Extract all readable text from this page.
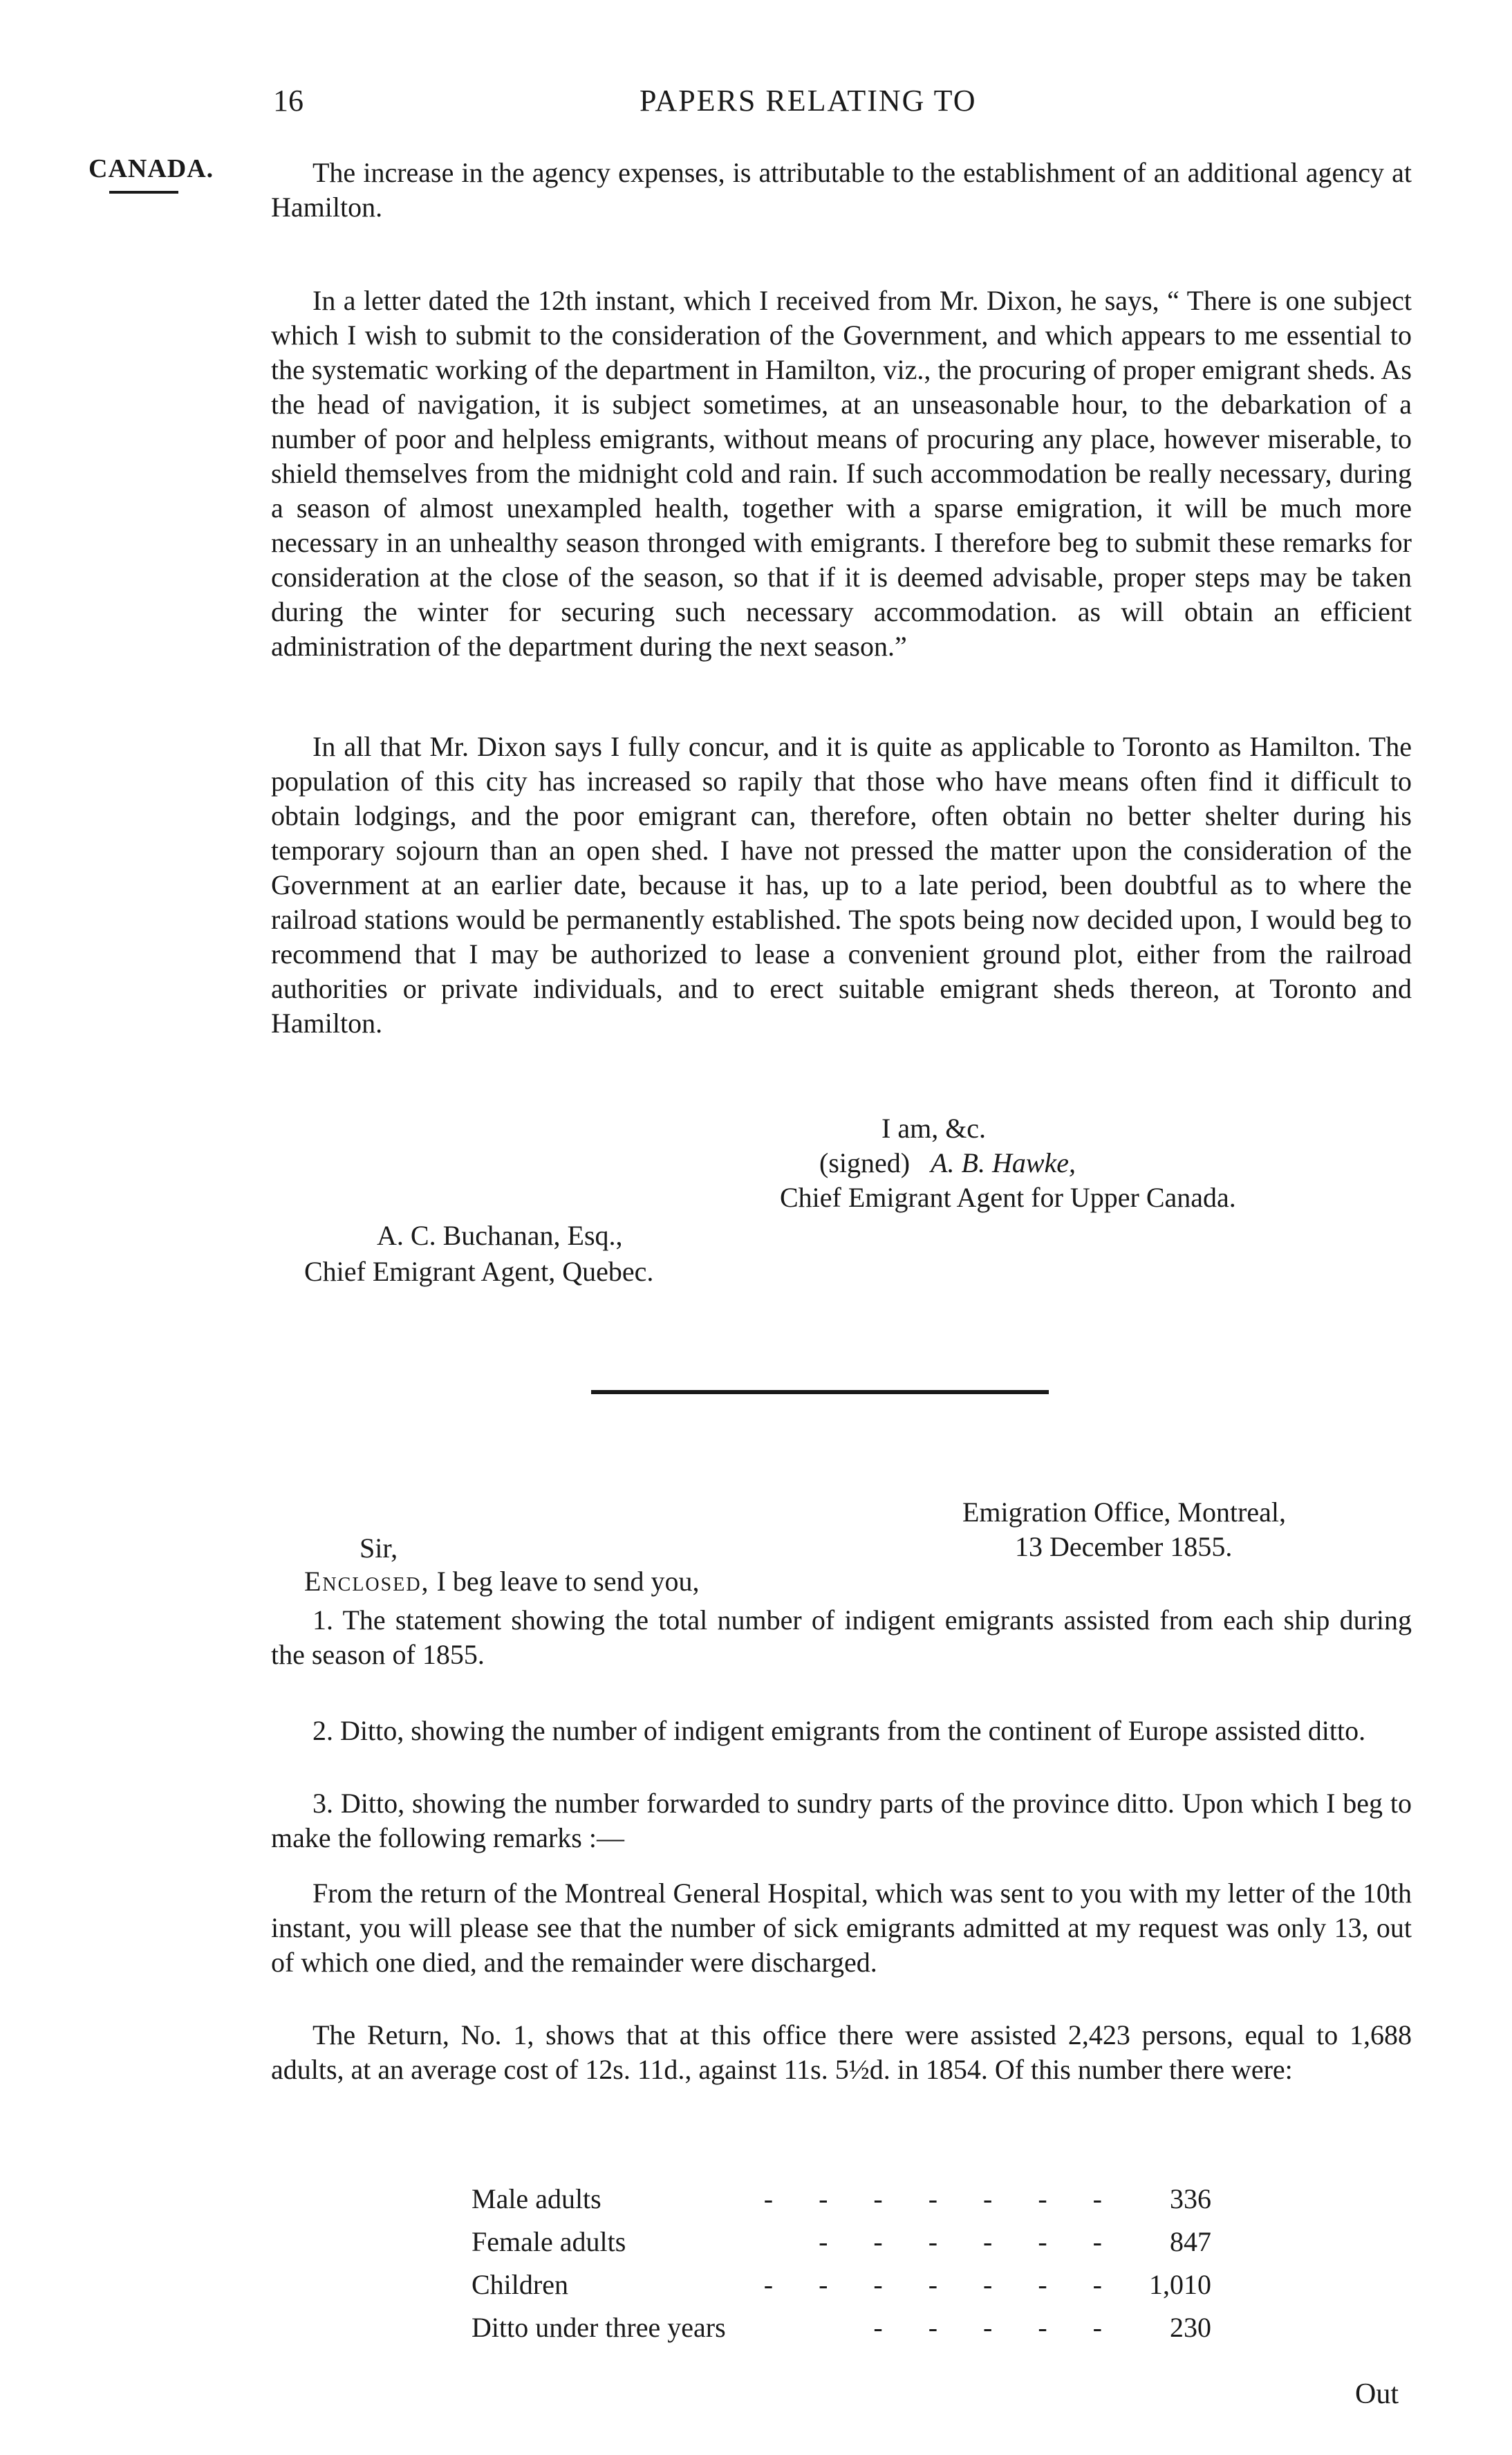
16	PAPERS RELATING TO
CANADA.	The increase in the agency expenses, is attributable to the establishment of an additional agency at Hamilton.

In a letter dated the 12th instant, which I received from Mr. Dixon, he says, “ There is one subject which I wish to submit to the consideration of the Government, and which appears to me essential to the systematic working of the department in Hamilton, viz., the procuring of proper emigrant sheds. As the head of navigation, it is subject sometimes, at an unseasonable hour, to the debarkation of a number of poor and helpless emigrants, without means of procuring any place, however miserable, to shield themselves from the midnight cold and rain. If such accommodation be really necessary, during a season of almost unexampled health, together with a sparse emigration, it will be much more necessary in an unhealthy season thronged with emigrants. I therefore beg to submit these remarks for consideration at the close of the season, so that if it is deemed advisable, proper steps may be taken during the winter for securing such necessary accommodation. as will obtain an efficient administration of the department during the next season.”

In all that Mr. Dixon says I fully concur, and it is quite as applicable to Toronto as Hamilton. The population of this city has increased so rapily that those who have means often find it difficult to obtain lodgings, and the poor emigrant can, therefore, often obtain no better shelter during his temporary sojourn than an open shed. I have not pressed the matter upon the consideration of the Government at an earlier date, because it has, up to a late period, been doubtful as to where the railroad stations would be permanently established. The spots being now decided upon, I would beg to recommend that I may be authorized to lease a convenient ground plot, either from the railroad authorities or private individuals, and to erect suitable emigrant sheds thereon, at Toronto and Hamilton.

I am, &c.
(signed) A. B. Hawke,
Chief Emigrant Agent for Upper Canada.
A. C. Buchanan, Esq.,
Chief Emigrant Agent, Quebec.
Emigration Office, Montreal,
13 December 1855.
Sir,
Enclosed, I beg leave to send you,

1. The statement showing the total number of indigent emigrants assisted from each ship during the season of 1855.

2. Ditto, showing the number of indigent emigrants from the continent of Europe assisted ditto.

3. Ditto, showing the number forwarded to sundry parts of the province ditto. Upon which I beg to make the following remarks :—

From the return of the Montreal General Hospital, which was sent to you with my letter of the 10th instant, you will please see that the number of sick emigrants admitted at my request was only 13, out of which one died, and the remainder were discharged.

The Return, No. 1, shows that at this office there were assisted 2,423 persons, equal to 1,688 adults, at an average cost of 12s. 11d., against 11s. 5½d. in 1854. Of this number there were:

Male adults	- - - - - - -	336
Female adults	- - - - - -	847
Children	- - - - - - -	1,010
Ditto under three years	- - - - -	230
Out
